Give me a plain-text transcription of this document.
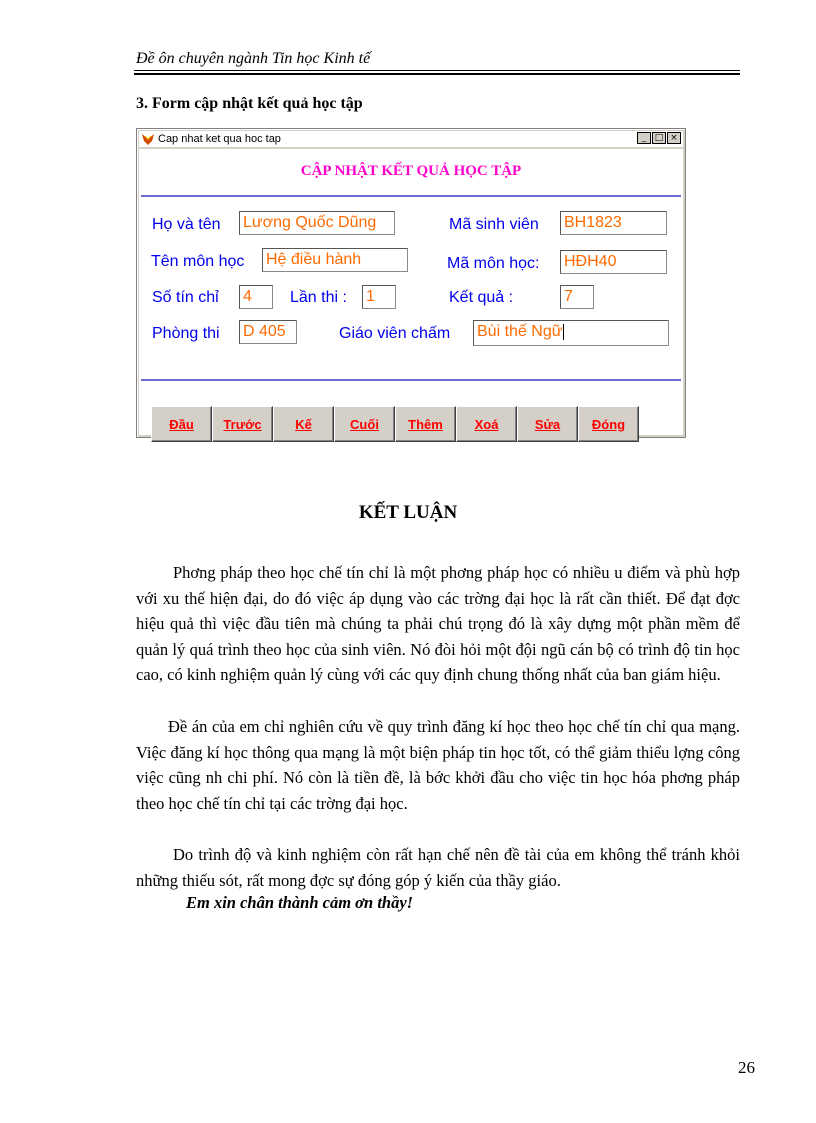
Đề ôn chuyên ngành Tin học Kinh tế
3. Form cập nhật kết quả học tập
Cap nhat ket qua hoc tap	_ □ ×
CẬP NHẬT KẾT QUẢ HỌC TẬP
Họ và tên Lương Quốc Dũng	Mã sinh viên BH1823
Tên môn học Hệ điều hành	Mã môn học: HĐH40
Số tín chỉ 4	Lần thi : 1	Kết quả :	7
Phòng thi D 405	Giáo viên chấm Bùi thế Ngữ
Đầu	Trước	Kế	Cuối	Thêm	Xoá	Sửa	Đóng
KẾT LUẬN

Phơng pháp theo học chế tín chỉ là một phơng pháp học có nhiều u điểm và phù hợp với xu thế hiện đại, do đó việc áp dụng vào các trờng đại học là rất cần thiết. Để đạt đợc hiệu quả thì việc đầu tiên mà chúng ta phải chú trọng đó là xây dựng một phần mềm để quản lý quá trình theo học của sinh viên. Nó đòi hỏi một đội ngũ cán bộ có trình độ tin học cao, có kinh nghiệm quản lý cùng với các quy định chung thống nhất của ban giám hiệu.

Đề án của em chỉ nghiên cứu về quy trình đăng kí học theo học chế tín chỉ qua mạng. Việc đăng kí học thông qua mạng là một biện pháp tin học tốt, có thể giảm thiểu lợng công việc cũng nh chi phí. Nó còn là tiền đề, là bớc khởi đầu cho việc tin học hóa phơng pháp theo học chế tín chỉ tại các trờng đại học.

Do trình độ và kinh nghiệm còn rất hạn chế nên đề tài của em không thể tránh khỏi những thiếu sót, rất mong đợc sự đóng góp ý kiến của thầy giáo.

Em xin chân thành cảm ơn thầy!
26
